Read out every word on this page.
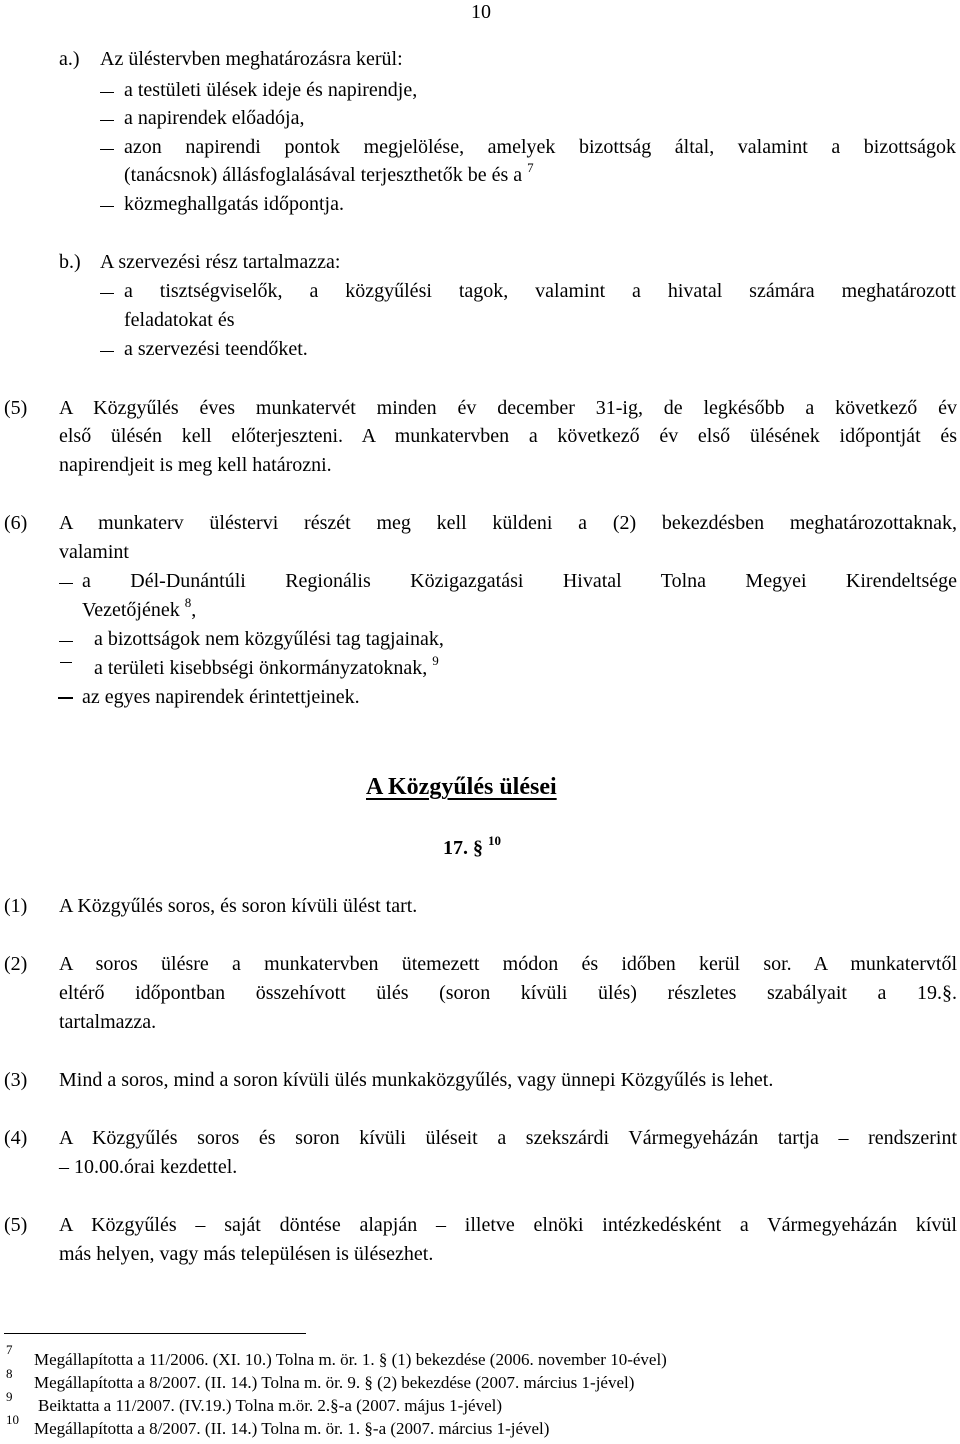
10
a.) Az üléstervben meghatározásra kerül:
a testületi ülések ideje és napirendje,
a napirendek előadója,
azon napirendi pontok megjelölése, amelyek bizottság által, valamint a bizottságok
(tanácsnok) állásfoglalásával terjeszthetők be és a $^7$
közmeghallgatás időpontja.
b.) A szervezési rész tartalmazza:
a tisztségviselők, a közgyűlési tagok, valamint a hivatal számára meghatározott
feladatokat és
a szervezési teendőket.
(5) A Közgyűlés éves munkatervét minden év december 31-ig, de legkésőbb a következő év
első ülésén kell előterjeszteni. A munkatervben a következő év első ülésének időpontját és
napirendjeit is meg kell határozni.
(6) A munkaterv üléstervi részét meg kell küldeni a (2) bekezdésben meghatározottaknak,
valamint
a Dél-Dunántúli Regionális Közigazgatási Hivatal Tolna Megyei Kirendeltsége
Vezetőjének $^8$,
a bizottságok nem közgyűlési tag tagjainak,
a területi kisebbségi önkormányzatoknak, $^9$
az egyes napirendek érintettjeinek.
A Közgyűlés ülései
17. § $^{10}$
(1) A Közgyűlés soros, és soron kívüli ülést tart.
(2) A soros ülésre a munkatervben ütemezett módon és időben kerül sor. A munkatervtől
eltérő időpontban összehívott ülés (soron kívüli ülés) részletes szabályait a 19.§.
tartalmazza.
(3) Mind a soros, mind a soron kívüli ülés munkaközgyűlés, vagy ünnepi Közgyűlés is lehet.
(4) A Közgyűlés soros és soron kívüli üléseit a szekszárdi Vármegyeházán tartja – rendszerint
– 10.00.órai kezdettel.
(5) A Közgyűlés – saját döntése alapján – illetve elnöki intézkedésként a Vármegyeházán kívül
más helyen, vagy más településen is ülésezhet.
7
Megállapította a 11/2006. (XI. 10.) Tolna m. ör. 1. § (1) bekezdése (2006. november 10-ével)
8 Megállapította a 8/2007. (II. 14.) Tolna m. ör. 9. § (2) bekezdése (2007. március 1-jével)
9 Beiktatta a 11/2007. (IV.19.) Tolna m.ör. 2.§-a (2007. május 1-jével)
10 Megállapította a 8/2007. (II. 14.) Tolna m. ör. 1. §-a (2007. március 1-jével)
